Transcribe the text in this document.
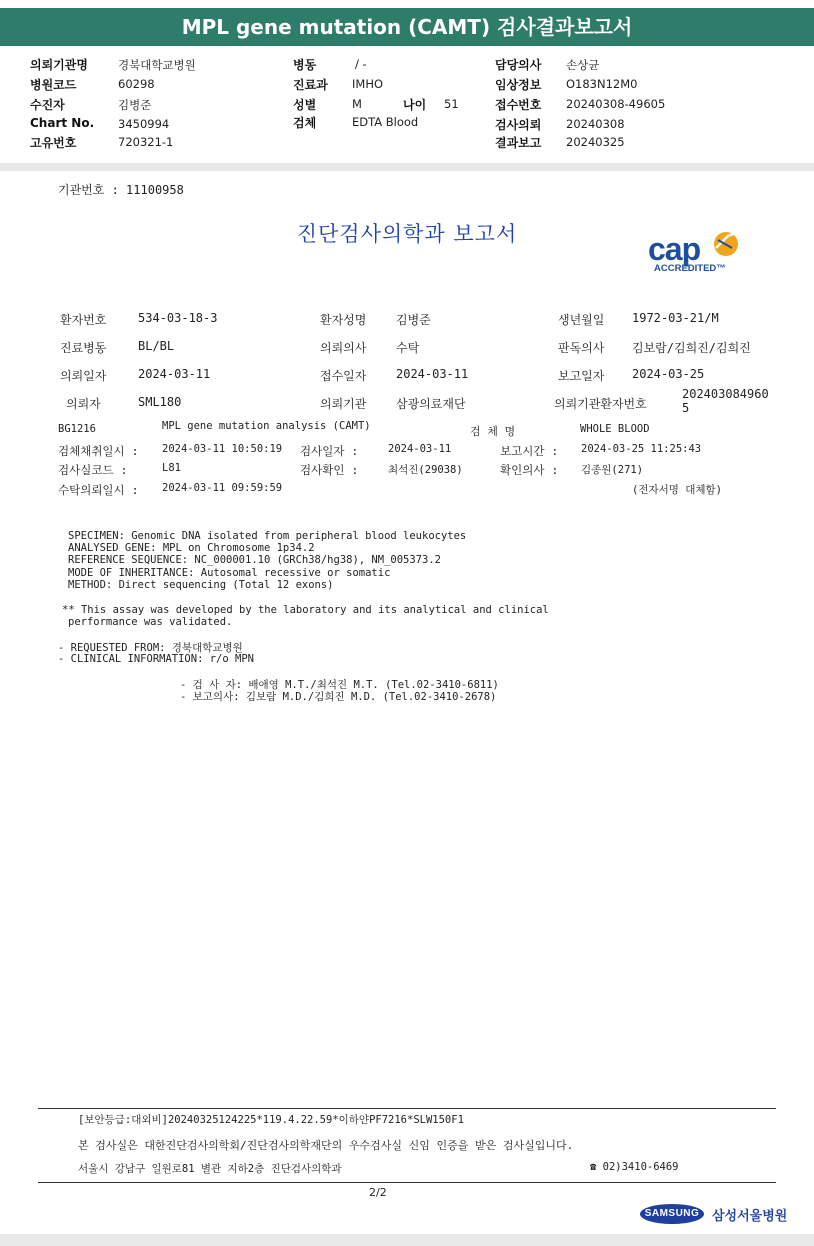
MPL gene mutation (CAMT) 검사결과보고서
의뢰기관명	경북대학교병원
병원코드	60298
수진자	김병준
Chart No. 3450994
고유번호	720321-1
병동	/ -
진료과 IMHO
성별	M	나이 51
검체	EDTA Blood
담당의사 손상균
임상정보 O183N12M0
접수번호 20240308-49605
검사의뢰 20240308
결과보고 20240325
기관번호 : 11100958
진단검사의학과 보고서	cap
ACCREDITED™
환자번호	534-03-18-3	환자성명 김병준	생년월일 1972-03-21/M
진료병동	BL/BL	의뢰의사 수탁	판독의사 김보람/김희진/김희진
의뢰일자	2024-03-11	접수일자 2024-03-11	보고일자 2024-03-25
의뢰자	SML180	의뢰기관 삼광의료재단	의뢰기관환자번호
202403084960
5
BG1216	MPL gene mutation analysis (CAMT)	검 체 명	WHOLE BLOOD
검체채취일시 : 2024-03-11 10:50:19 검사일자 :	2024-03-11	보고시간 : 2024-03-25 11:25:43
검사실코드 :	L81	검사확인 :	최석진(29038)	확인의사 : 김종원(271)
수탁의뢰일시 : 2024-03-11 09:59:59	(전자서명 대체함)
SPECIMEN: Genomic DNA isolated from peripheral blood leukocytes
ANALYSED GENE: MPL on Chromosome 1p34.2
REFERENCE SEQUENCE: NC_000001.10 (GRCh38/hg38), NM_005373.2
MODE OF INHERITANCE: Autosomal recessive or somatic
METHOD: Direct sequencing (Total 12 exons)
** This assay was developed by the laboratory and its analytical and clinical
performance was validated.
- REQUESTED FROM: 경북대학교병원
- CLINICAL INFORMATION: r/o MPN
- 검 사 자: 배애영 M.T./최석진 M.T. (Tel.02-3410-6811)
- 보고의사: 김보람 M.D./김희진 M.D. (Tel.02-3410-2678)
[보안등급:대외비]20240325124225*119.4.22.59*이하얀PF7216*SLW150F1
본 검사실은 대한진단검사의학회/진단검사의학재단의 우수검사실 신임 인증을 받은 검사실입니다.
서울시 강남구 일원로81 별관 지하2층 진단검사의학과	☎ 02)3410-6469
2/2
SAMSUNG 삼성서울병원
